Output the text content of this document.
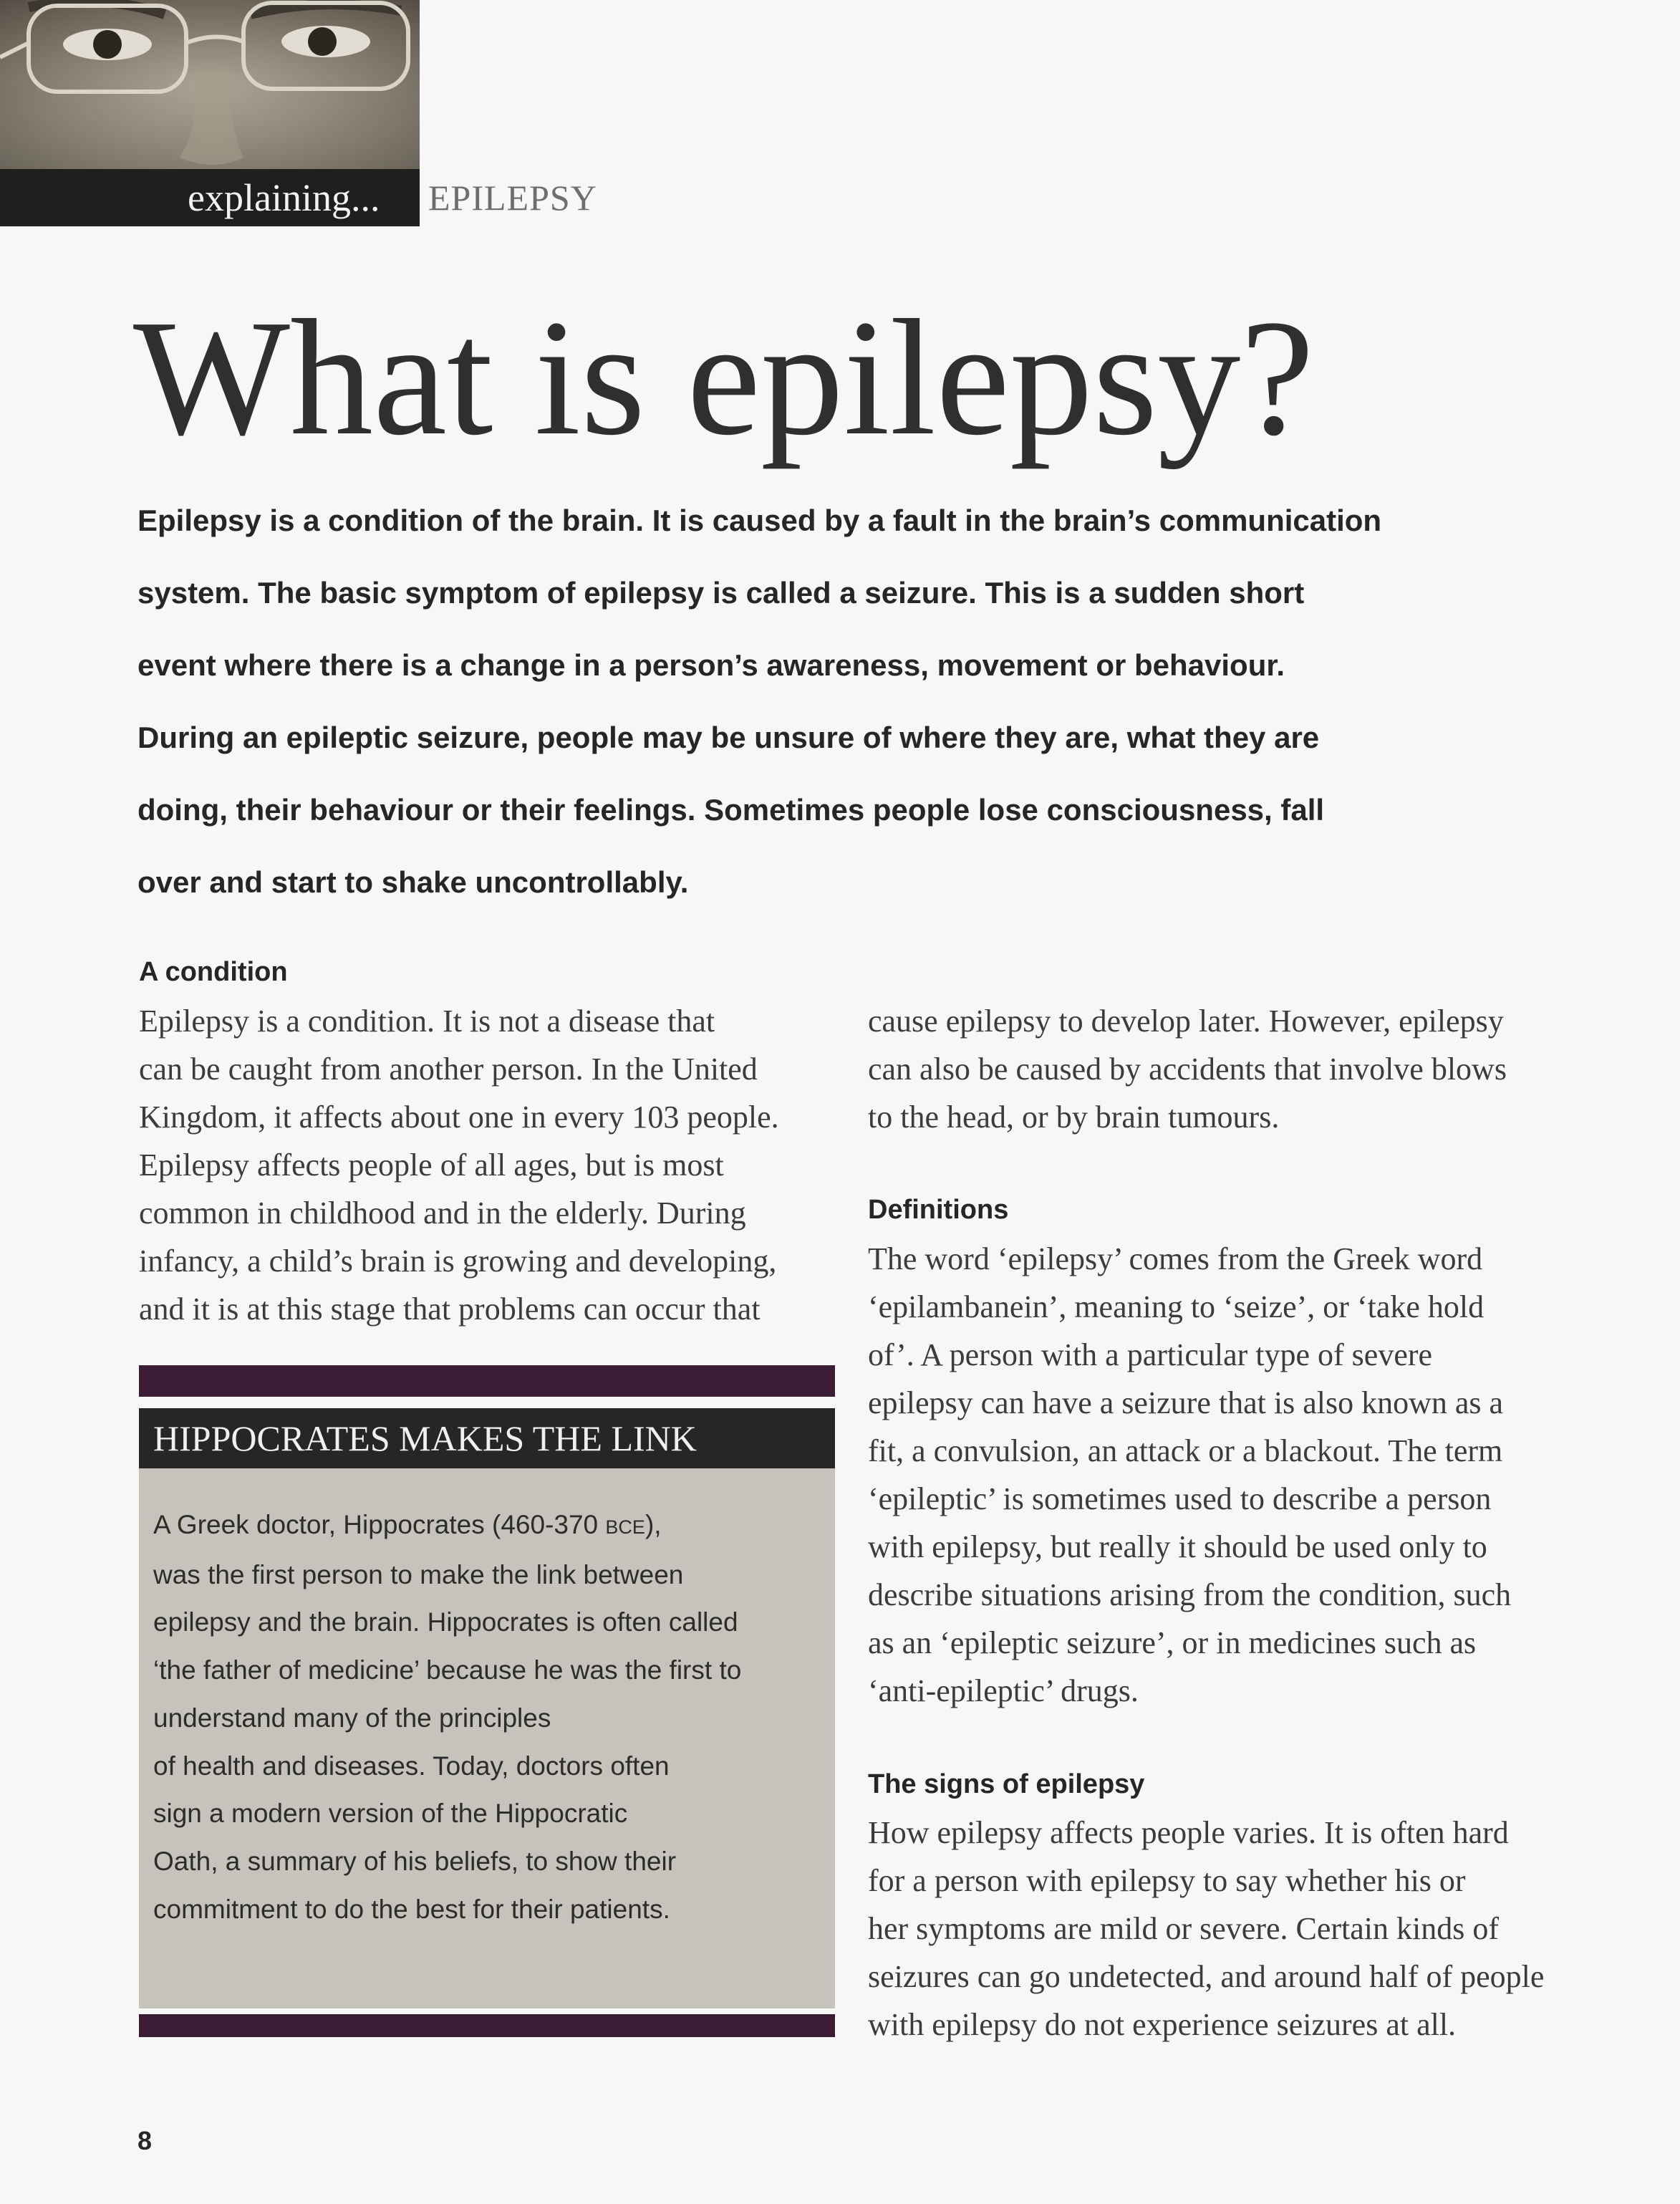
explaining... EPILEPSY
What is epilepsy?

Epilepsy is a condition of the brain. It is caused by a fault in the brain’s communication

system. The basic symptom of epilepsy is called a seizure. This is a sudden short

event where there is a change in a person’s awareness, movement or behaviour.

During an epileptic seizure, people may be unsure of where they are, what they are

doing, their behaviour or their feelings. Sometimes people lose consciousness, fall

over and start to shake uncontrollably.

A condition

Epilepsy is a condition. It is not a disease that

can be caught from another person. In the United

Kingdom, it affects about one in every 103 people.

Epilepsy affects people of all ages, but is most

common in childhood and in the elderly. During

infancy, a child’s brain is growing and developing,

and it is at this stage that problems can occur that

HIPPOCRATES MAKES THE LINK

A Greek doctor, Hippocrates (460-370 BCE),

was the first person to make the link between

epilepsy and the brain. Hippocrates is often called

‘the father of medicine’ because he was the first to

understand many of the principles

of health and diseases. Today, doctors often

sign a modern version of the Hippocratic

Oath, a summary of his beliefs, to show their

commitment to do the best for their patients.

cause epilepsy to develop later. However, epilepsy

can also be caused by accidents that involve blows

to the head, or by brain tumours.

Definitions

The word ‘epilepsy’ comes from the Greek word

‘epilambanein’, meaning to ‘seize’, or ‘take hold

of’. A person with a particular type of severe

epilepsy can have a seizure that is also known as a

fit, a convulsion, an attack or a blackout. The term

‘epileptic’ is sometimes used to describe a person

with epilepsy, but really it should be used only to

describe situations arising from the condition, such

as an ‘epileptic seizure’, or in medicines such as

‘anti-epileptic’ drugs.

The signs of epilepsy

How epilepsy affects people varies. It is often hard

for a person with epilepsy to say whether his or

her symptoms are mild or severe. Certain kinds of

seizures can go undetected, and around half of people

with epilepsy do not experience seizures at all.

8
